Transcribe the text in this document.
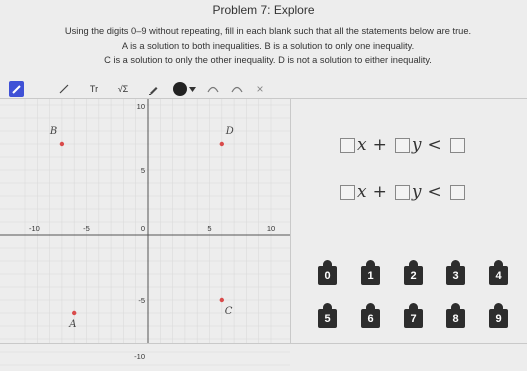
Problem 7: Explore
Using the digits 0–9 without repeating, fill in each blank such that all the statements below are true.
A is a solution to both inequalities. B is a solution to only one inequality.
C is a solution to only the other inequality. D is not a solution to either inequality.
Tr	√Σ	×
-10	-5	0	5	10
10
5
-5
-10
B	D
A
C
x + y <
x + y <
0	1	2	3	4
5	6	7	8	9
